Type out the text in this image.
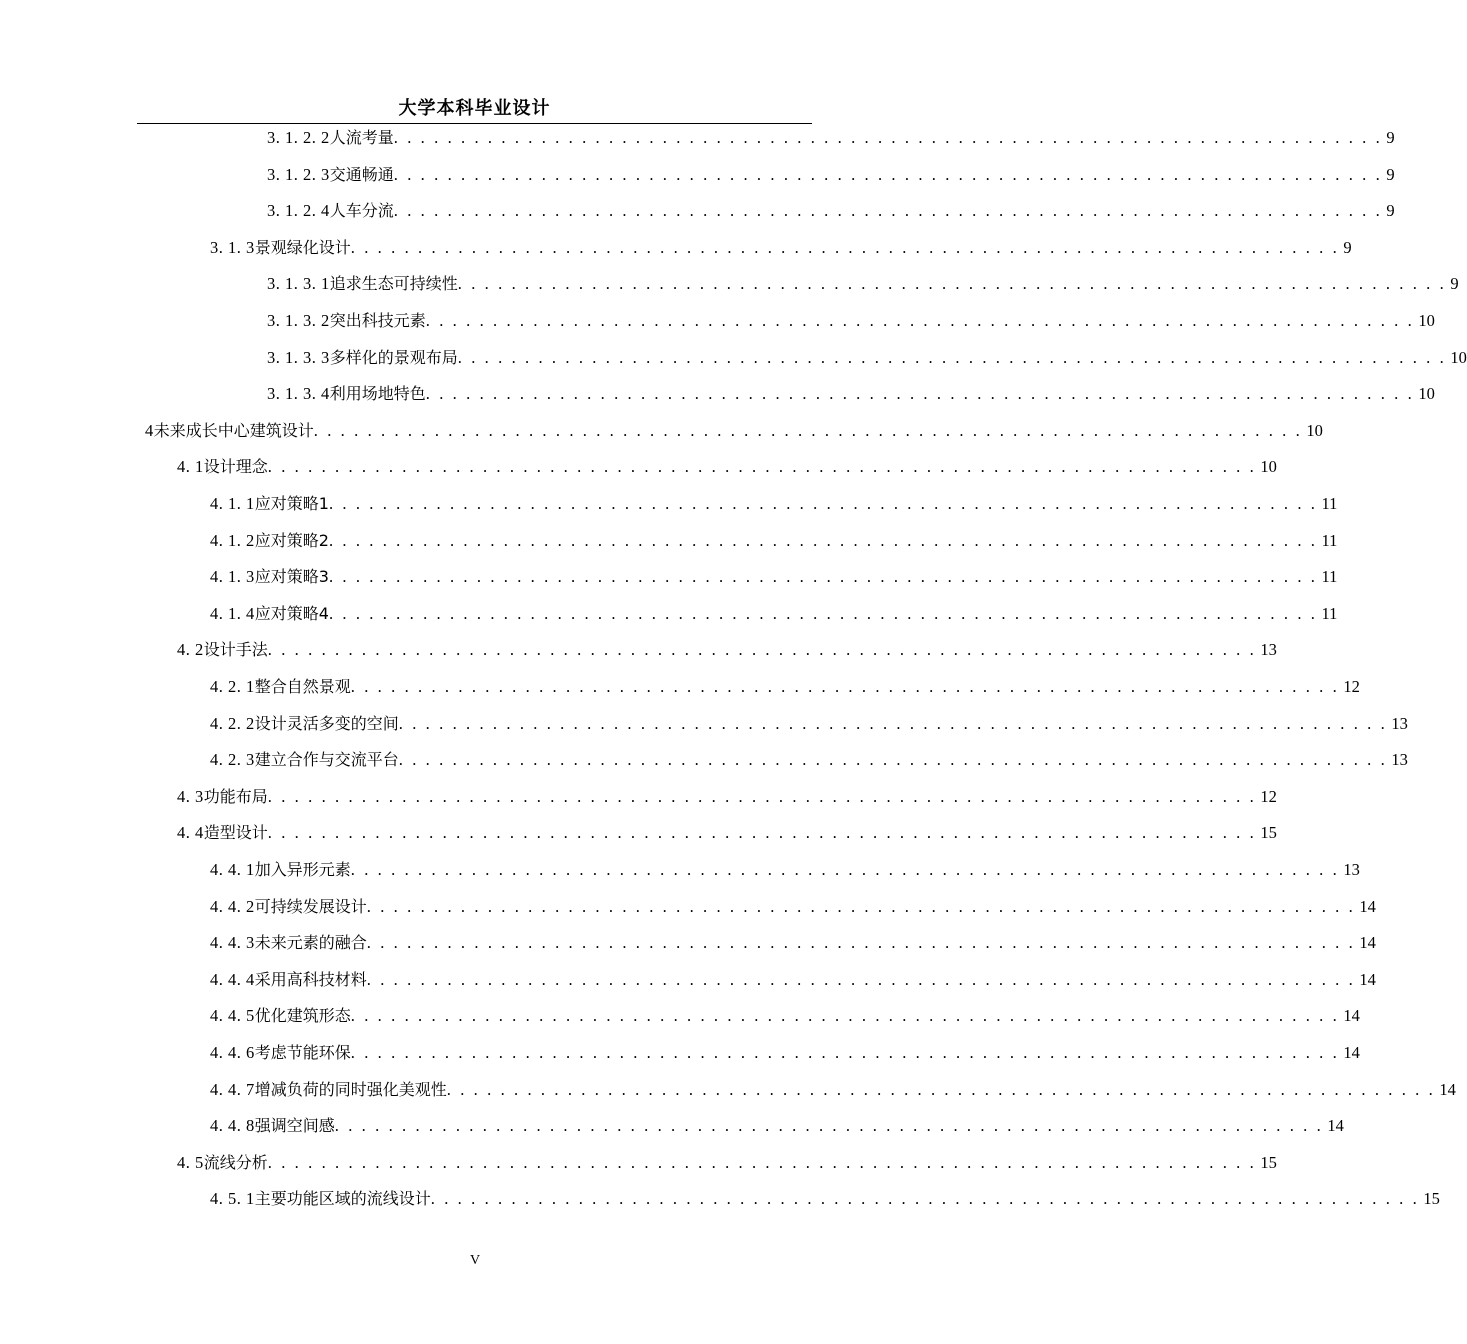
大学本科毕业设计
3. 1. 2. 2 人流考量 . . . . . . . . . . . . . . . . . . . . . . . . . . . . . . . . . . . . . . . . . . . . . . . . . . . . . . . . . . . . . . . . . . . . . . . . . . 9
3. 1. 2. 3 交通畅通 . . . . . . . . . . . . . . . . . . . . . . . . . . . . . . . . . . . . . . . . . . . . . . . . . . . . . . . . . . . . . . . . . . . . . . . . . . 9
3. 1. 2. 4 人车分流 . . . . . . . . . . . . . . . . . . . . . . . . . . . . . . . . . . . . . . . . . . . . . . . . . . . . . . . . . . . . . . . . . . . . . . . . . . 9
3. 1. 3 景观绿化设计 . . . . . . . . . . . . . . . . . . . . . . . . . . . . . . . . . . . . . . . . . . . . . . . . . . . . . . . . . . . . . . . . . . . . . . . . . . 9
3. 1. 3. 1 追求生态可持续性 . . . . . . . . . . . . . . . . . . . . . . . . . . . . . . . . . . . . . . . . . . . . . . . . . . . . . . . . . . . . . . . . . . . . . . . . . . 9
3. 1. 3. 2 突出科技元素 . . . . . . . . . . . . . . . . . . . . . . . . . . . . . . . . . . . . . . . . . . . . . . . . . . . . . . . . . . . . . . . . . . . . . . . . . . 10
3. 1. 3. 3 多样化的景观布局 . . . . . . . . . . . . . . . . . . . . . . . . . . . . . . . . . . . . . . . . . . . . . . . . . . . . . . . . . . . . . . . . . . . . . . . . . . 10
3. 1. 3. 4 利用场地特色 . . . . . . . . . . . . . . . . . . . . . . . . . . . . . . . . . . . . . . . . . . . . . . . . . . . . . . . . . . . . . . . . . . . . . . . . . . 10
4 未来成长中心建筑设计 . . . . . . . . . . . . . . . . . . . . . . . . . . . . . . . . . . . . . . . . . . . . . . . . . . . . . . . . . . . . . . . . . . . . . . . . . . 10
4. 1 设计理念 . . . . . . . . . . . . . . . . . . . . . . . . . . . . . . . . . . . . . . . . . . . . . . . . . . . . . . . . . . . . . . . . . . . . . . . . . . 10
4. 1. 1 应对策略1 . . . . . . . . . . . . . . . . . . . . . . . . . . . . . . . . . . . . . . . . . . . . . . . . . . . . . . . . . . . . . . . . . . . . . . . . . . 11
4. 1. 2 应对策略2 . . . . . . . . . . . . . . . . . . . . . . . . . . . . . . . . . . . . . . . . . . . . . . . . . . . . . . . . . . . . . . . . . . . . . . . . . . 11
4. 1. 3 应对策略3 . . . . . . . . . . . . . . . . . . . . . . . . . . . . . . . . . . . . . . . . . . . . . . . . . . . . . . . . . . . . . . . . . . . . . . . . . . 11
4. 1. 4 应对策略4 . . . . . . . . . . . . . . . . . . . . . . . . . . . . . . . . . . . . . . . . . . . . . . . . . . . . . . . . . . . . . . . . . . . . . . . . . . 11
4. 2 设计手法 . . . . . . . . . . . . . . . . . . . . . . . . . . . . . . . . . . . . . . . . . . . . . . . . . . . . . . . . . . . . . . . . . . . . . . . . . . 13
4. 2. 1 整合自然景观 . . . . . . . . . . . . . . . . . . . . . . . . . . . . . . . . . . . . . . . . . . . . . . . . . . . . . . . . . . . . . . . . . . . . . . . . . . 12
4. 2. 2 设计灵活多变的空间 . . . . . . . . . . . . . . . . . . . . . . . . . . . . . . . . . . . . . . . . . . . . . . . . . . . . . . . . . . . . . . . . . . . . . . . . . . 13
4. 2. 3 建立合作与交流平台 . . . . . . . . . . . . . . . . . . . . . . . . . . . . . . . . . . . . . . . . . . . . . . . . . . . . . . . . . . . . . . . . . . . . . . . . . . 13
4. 3 功能布局 . . . . . . . . . . . . . . . . . . . . . . . . . . . . . . . . . . . . . . . . . . . . . . . . . . . . . . . . . . . . . . . . . . . . . . . . . . 12
4. 4 造型设计 . . . . . . . . . . . . . . . . . . . . . . . . . . . . . . . . . . . . . . . . . . . . . . . . . . . . . . . . . . . . . . . . . . . . . . . . . . 15
4. 4. 1 加入异形元素 . . . . . . . . . . . . . . . . . . . . . . . . . . . . . . . . . . . . . . . . . . . . . . . . . . . . . . . . . . . . . . . . . . . . . . . . . . 13
4. 4. 2 可持续发展设计 . . . . . . . . . . . . . . . . . . . . . . . . . . . . . . . . . . . . . . . . . . . . . . . . . . . . . . . . . . . . . . . . . . . . . . . . . . 14
4. 4. 3 未来元素的融合 . . . . . . . . . . . . . . . . . . . . . . . . . . . . . . . . . . . . . . . . . . . . . . . . . . . . . . . . . . . . . . . . . . . . . . . . . . 14
4. 4. 4 采用高科技材料 . . . . . . . . . . . . . . . . . . . . . . . . . . . . . . . . . . . . . . . . . . . . . . . . . . . . . . . . . . . . . . . . . . . . . . . . . . 14
4. 4. 5 优化建筑形态 . . . . . . . . . . . . . . . . . . . . . . . . . . . . . . . . . . . . . . . . . . . . . . . . . . . . . . . . . . . . . . . . . . . . . . . . . . 14
4. 4. 6 考虑节能环保 . . . . . . . . . . . . . . . . . . . . . . . . . . . . . . . . . . . . . . . . . . . . . . . . . . . . . . . . . . . . . . . . . . . . . . . . . . 14
4. 4. 7 增减负荷的同时强化美观性 . . . . . . . . . . . . . . . . . . . . . . . . . . . . . . . . . . . . . . . . . . . . . . . . . . . . . . . . . . . . . . . . . . . . . . . . . . 14
4. 4. 8 强调空间感 . . . . . . . . . . . . . . . . . . . . . . . . . . . . . . . . . . . . . . . . . . . . . . . . . . . . . . . . . . . . . . . . . . . . . . . . . . 14
4. 5 流线分析 . . . . . . . . . . . . . . . . . . . . . . . . . . . . . . . . . . . . . . . . . . . . . . . . . . . . . . . . . . . . . . . . . . . . . . . . . . 15
4. 5. 1 主要功能区域的流线设计 . . . . . . . . . . . . . . . . . . . . . . . . . . . . . . . . . . . . . . . . . . . . . . . . . . . . . . . . . . . . . . . . . . . . . . . . . . 15
V
